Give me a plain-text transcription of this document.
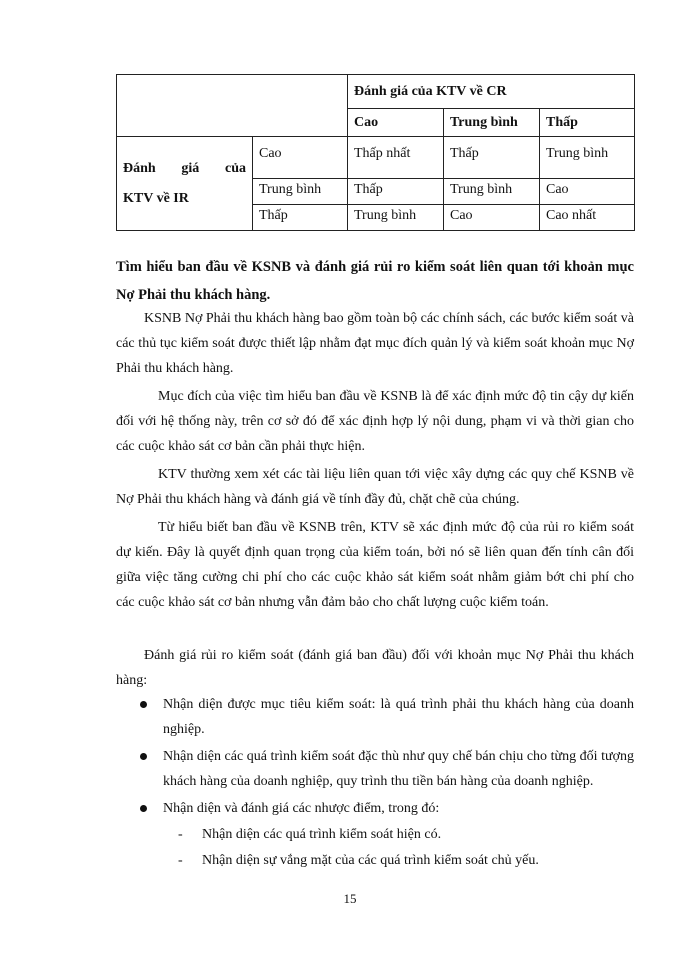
		Đánh giá của KTV về CR		
		Cao	Trung bình	Thấp

Đánh giá của
KTV về IR	Cao	Thấp nhất	Thấp	Trung bình
	Trung bình	Thấp	Trung bình	Cao
	Thấp	Trung bình	Cao	Cao nhất
Tìm hiểu ban đầu về KSNB và đánh giá rủi ro kiểm soát liên quan tới khoản mục Nợ Phải thu khách hàng.

KSNB Nợ Phải thu khách hàng bao gồm toàn bộ các chính sách, các bước kiểm soát và các thủ tục kiểm soát được thiết lập nhằm đạt mục đích quản lý và kiểm soát khoản mục Nợ Phải thu khách hàng.

Mục đích của việc tìm hiểu ban đầu về KSNB là để xác định mức độ tin cậy dự kiến đối với hệ thống này, trên cơ sở đó để xác định hợp lý nội dung, phạm vi và thời gian cho các cuộc khảo sát cơ bản cần phải thực hiện.

KTV thường xem xét các tài liệu liên quan tới việc xây dựng các quy chế KSNB về Nợ Phải thu khách hàng và đánh giá về tính đầy đủ, chặt chẽ của chúng.

Từ hiểu biết ban đầu về KSNB trên, KTV sẽ xác định mức độ của rủi ro kiểm soát dự kiến. Đây là quyết định quan trọng của kiểm toán, bởi nó sẽ liên quan đến tính cân đối giữa việc tăng cường chi phí cho các cuộc khảo sát kiểm soát nhằm giảm bớt chi phí cho các cuộc khảo sát cơ bản nhưng vẫn đảm bảo cho chất lượng cuộc kiểm toán.

Đánh giá rủi ro kiểm soát (đánh giá ban đầu) đối với khoản mục Nợ Phải thu khách hàng:

Nhận diện được mục tiêu kiểm soát: là quá trình phải thu khách hàng của doanh nghiệp.
Nhận diện các quá trình kiểm soát đặc thù như quy chế bán chịu cho từng đối tượng khách hàng của doanh nghiệp, quy trình thu tiền bán hàng của doanh nghiệp.
Nhận diện và đánh giá các nhược điểm, trong đó:
-	Nhận diện các quá trình kiểm soát hiện có.
-	Nhận diện sự vắng mặt của các quá trình kiểm soát chủ yếu.
15
